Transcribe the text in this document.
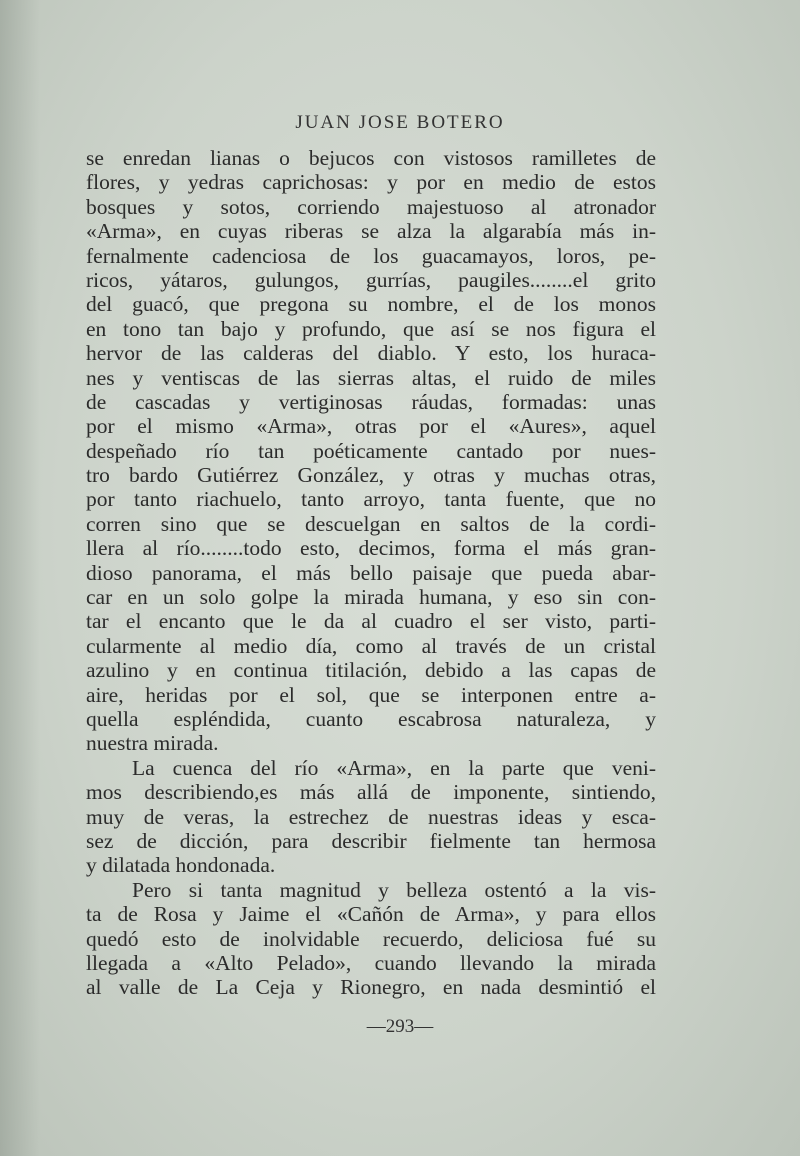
JUAN JOSE BOTERO
se enredan lianas o bejucos con vistosos ramilletes de
flores, y yedras caprichosas: y por en medio de estos
bosques y sotos, corriendo majestuoso al atronador
«Arma», en cuyas riberas se alza la algarabía más in-
fernalmente cadenciosa de los guacamayos, loros, pe-
ricos, yátaros, gulungos, gurrías, paugiles........el grito
del guacó, que pregona su nombre, el de los monos
en tono tan bajo y profundo, que así se nos figura el
hervor de las calderas del diablo. Y esto, los huraca-
nes y ventiscas de las sierras altas, el ruido de miles
de cascadas y vertiginosas ráudas, formadas: unas
por el mismo «Arma», otras por el «Aures», aquel
despeñado río tan poéticamente cantado por nues-
tro bardo Gutiérrez González, y otras y muchas otras,
por tanto riachuelo, tanto arroyo, tanta fuente, que no
corren sino que se descuelgan en saltos de la cordi-
llera al río........todo esto, decimos, forma el más gran-
dioso panorama, el más bello paisaje que pueda abar-
car en un solo golpe la mirada humana, y eso sin con-
tar el encanto que le da al cuadro el ser visto, parti-
cularmente al medio día, como al través de un cristal
azulino y en continua titilación, debido a las capas de
aire, heridas por el sol, que se interponen entre a-
quella espléndida, cuanto escabrosa naturaleza, y
nuestra mirada.
La cuenca del río «Arma», en la parte que veni-
mos describiendo,es más allá de imponente, sintiendo,
muy de veras, la estrechez de nuestras ideas y esca-
sez de dicción, para describir fielmente tan hermosa
y dilatada hondonada.
Pero si tanta magnitud y belleza ostentó a la vis-
ta de Rosa y Jaime el «Cañón de Arma», y para ellos
quedó esto de inolvidable recuerdo, deliciosa fué su
llegada a «Alto Pelado», cuando llevando la mirada
al valle de La Ceja y Rionegro, en nada desmintió el
—293—
